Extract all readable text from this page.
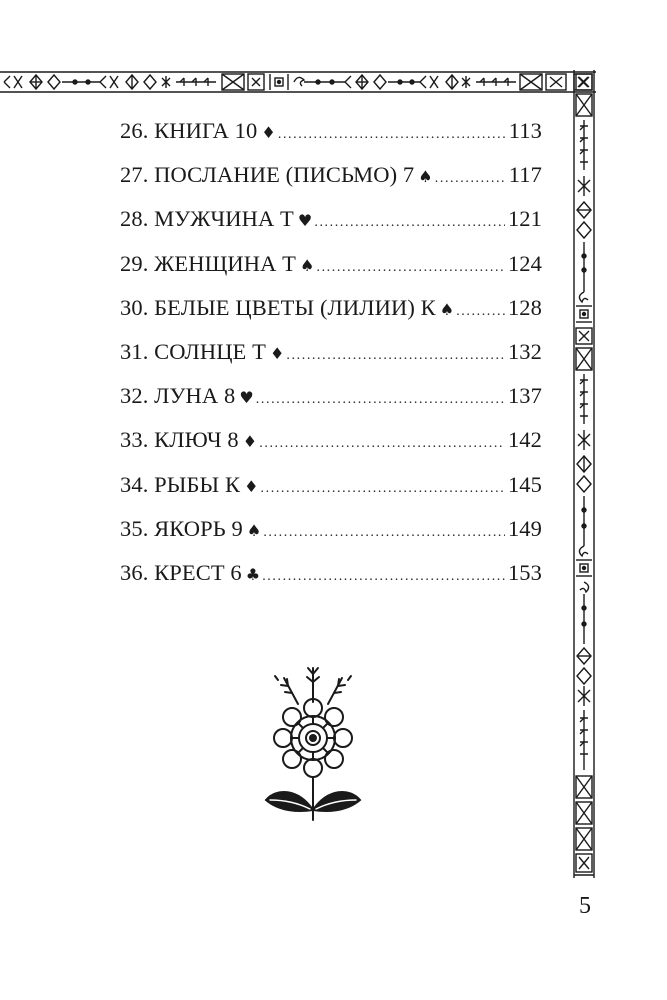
26. КНИГА 10 ♦ .....	113
27. ПОСЛАНИЕ (ПИСЬМО) 7 ♠ .....	117
28. МУЖЧИНА Т ♥ .....	121
29. ЖЕНЩИНА Т ♠ .....	124
30. БЕЛЫЕ ЦВЕТЫ (ЛИЛИИ) К ♠ ..... 128
31. СОЛНЦЕ Т ♦ .....	132
32. ЛУНА 8 ♥ .....	137
33. КЛЮЧ 8 ♦ .....	142
34. РЫБЫ К ♦ .....	145
35. ЯКОРЬ 9 ♠ .....	149
36. КРЕСТ 6 ♣ .....	153
5
